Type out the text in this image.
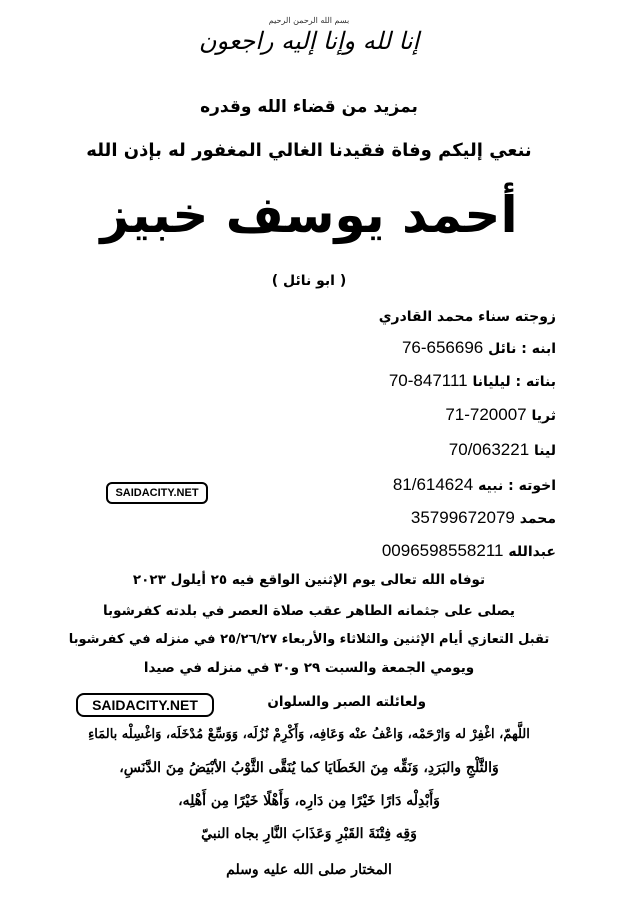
بسم الله الرحمن الرحيم
إنا لله وإنا إليه راجعون
بمزيد من قضاء الله وقدره
ننعي إليكم وفاة فقيدنا الغالي المغفور له بإذن الله
أحمد يوسف خبيز
( ابو نائل )
زوجته سناء محمد القادري
ابنه : نائل 76-656696
بناته : ليليانا 70-847111
ثريا 71-720007
لينا 70/063221
اخوته : نبيه 81/614624
محمد 35799672079
عبدالله 0096598558211
SAIDACITY.NET
توفاه الله تعالى يوم الإثنين الواقع فيه ٢٥ أيلول ٢٠٢٣
يصلى على جثمانه الطاهر عقب صلاة العصر في بلدته كفرشوبا
تقبل التعازي أيام الإثنين والثلاثاء والأربعاء ٢٥/٢٦/٢٧ في منزله في كفرشوبا
ويومي الجمعة والسبت ٢٩ و٣٠ في منزله في صيدا
SAIDACITY.NET	ولعائلته الصبر والسلوان
اللَّهمّ، اغْفِرْ له وَارْحَمْه، وَاعْفُ عنْه وَعَافِه، وَأَكْرِمْ نُزُلَه، وَوَسِّعْ مُدْخَلَه، وَاغْسِلْه بالمَاءِ
وَالثَّلْجِ والبَرَدِ، وَنَقِّه مِنَ الخَطَايَا كما يُنَقَّى الثَّوْبُ الأبْيَضُ مِنَ الدَّنَسِ،
وَأَبْدِلْه دَارًا خَيْرًا مِن دَارِه، وَأَهْلًا خَيْرًا مِن أَهْلِه،
وَقِه فِتْنَةَ القَبْرِ وَعَذَابَ النَّارِ بجاه النبيّ
المختار صلى الله عليه وسلم
